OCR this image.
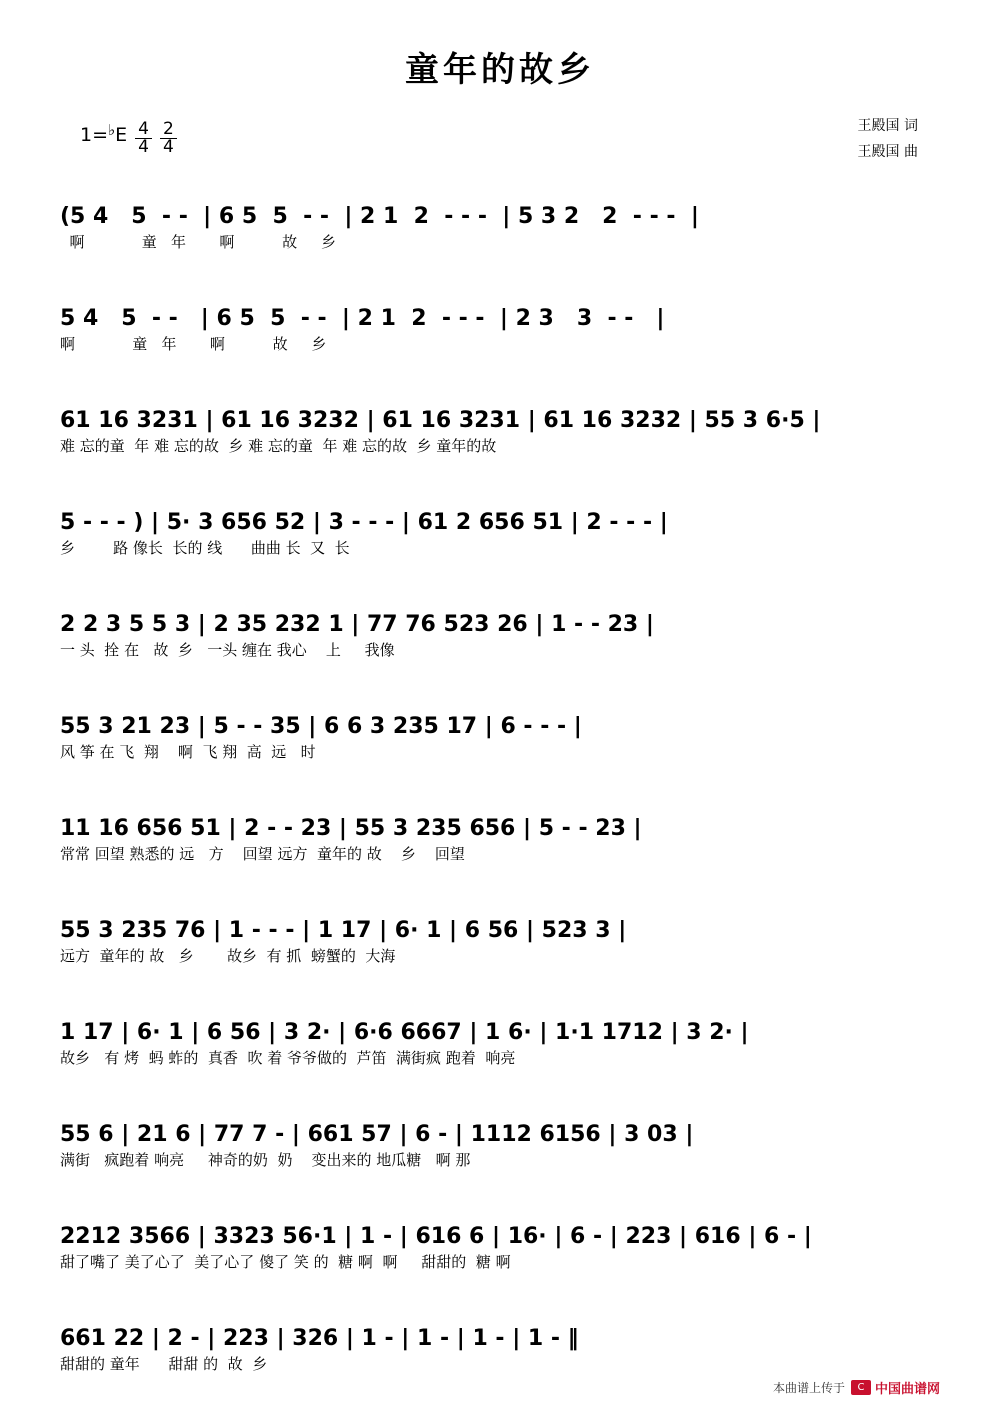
童年的故乡
1= ♭ E 4
4
2
4
王殿国 词
王殿国 曲
(5 4   5  - -  | 6 5  5  - -  | 2 1  2  - - -  | 5 3 2   2  - - -  |
啊            童   年       啊          故     乡
5 4   5  - -   | 6 5  5  - -  | 2 1  2  - - -  | 2 3   3  - -   |
啊            童   年       啊          故     乡
61 16 3231 | 61 16 3232 | 61 16 3231 | 61 16 3232 | 55 3 6·5 |
难 忘的童  年 难 忘的故  乡 难 忘的童  年 难 忘的故  乡 童年的故
5 - - - ) | 5· 3 656 52 | 3 - - - | 61 2 656 51 | 2 - - - |
乡        路 像长  长的 线      曲曲 长  又  长
2 2 3 5 5 3 | 2 35 232 1 | 77 76 523 26 | 1 - - 23 |
一 头  拴 在   故  乡   一头 缠在 我心    上     我像
55 3 21 23 | 5 - - 35 | 6 6 3 235 17 | 6 - - - |
风 筝 在 飞  翔    啊  飞 翔  高  远   时
11 16 656 51 | 2 - - 23 | 55 3 235 656 | 5 - - 23 |
常常 回望 熟悉的 远   方    回望 远方  童年的 故    乡    回望
55 3 235 76 | 1 - - - | 1 17 | 6· 1 | 6 56 | 523 3 |
远方  童年的 故   乡       故乡  有 抓  螃蟹的  大海
1 17 | 6· 1 | 6 56 | 3 2· | 6·6 6667 | 1 6· | 1·1 1712 | 3 2· |
故乡   有 烤  蚂 蚱的  真香  吹 着 爷爷做的  芦笛  满街疯 跑着  响亮
55 6 | 21 6 | 77 7 - | 661 57 | 6 - | 1112 6156 | 3 03 |
满街   疯跑着 响亮     神奇的奶  奶    变出来的 地瓜糖   啊 那
2212 3566 | 3323 56·1 | 1 - | 616 6 | 16· | 6 - | 223 | 616 | 6 - |
甜了嘴了 美了心了  美了心了 傻了 笑 的  糖 啊  啊     甜甜的  糖 啊
661 22 | 2 - | 223 | 326 | 1 - | 1 - | 1 - | 1 - ‖
甜甜的 童年      甜甜 的  故  乡
本曲谱上传于	C 中国曲谱网
